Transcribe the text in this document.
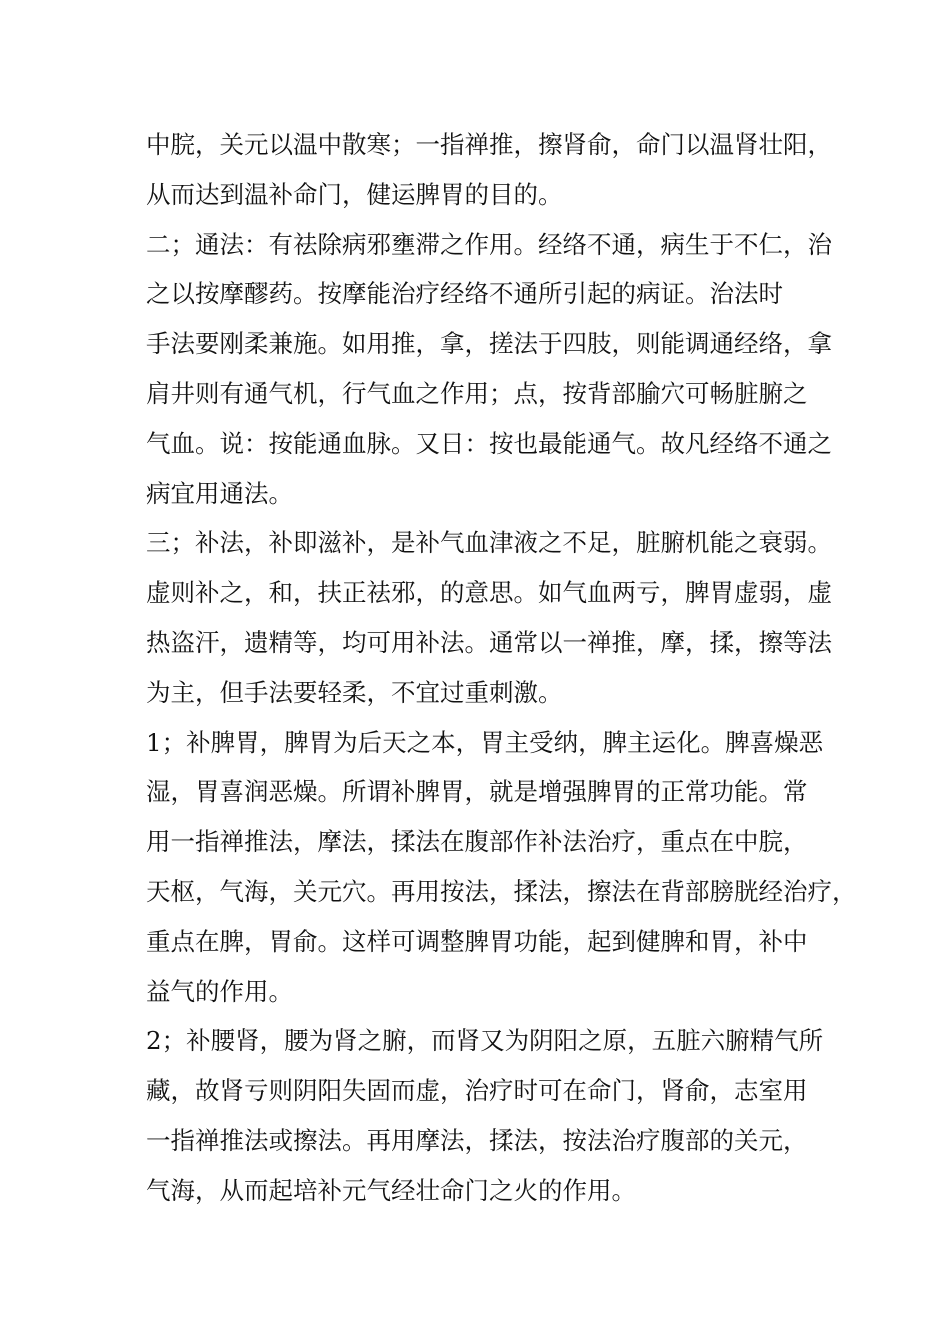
中脘，关元以温中散寒；一指禅推，擦肾俞，命门以温肾壮阳，
从而达到温补命门，健运脾胃的目的。
二；通法：有祛除病邪壅滞之作用。经络不通，病生于不仁，治
之以按摩醪药。按摩能治疗经络不通所引起的病证。治法时
手法要刚柔兼施。如用推，拿，搓法于四肢，则能调通经络，拿
肩井则有通气机，行气血之作用；点，按背部腧穴可畅脏腑之
气血。说：按能通血脉。又日：按也最能通气。故凡经络不通之
病宜用通法。
三；补法，补即滋补，是补气血津液之不足，脏腑机能之衰弱。
虚则补之，和，扶正祛邪，的意思。如气血两亏，脾胃虚弱，虚
热盗汗，遗精等，均可用补法。通常以一禅推，摩，揉，擦等法
为主，但手法要轻柔，不宜过重刺激。
1；补脾胃，脾胃为后天之本，胃主受纳，脾主运化。脾喜燥恶
湿，胃喜润恶燥。所谓补脾胃，就是增强脾胃的正常功能。常
用一指禅推法，摩法，揉法在腹部作补法治疗，重点在中脘，
天枢，气海，关元穴。再用按法，揉法，擦法在背部膀胱经治疗，
重点在脾，胃俞。这样可调整脾胃功能，起到健脾和胃，补中
益气的作用。
2；补腰肾，腰为肾之腑，而肾又为阴阳之原，五脏六腑精气所
藏，故肾亏则阴阳失固而虚，治疗时可在命门，肾俞，志室用
一指禅推法或擦法。再用摩法，揉法，按法治疗腹部的关元，
气海，从而起培补元气经壮命门之火的作用。
